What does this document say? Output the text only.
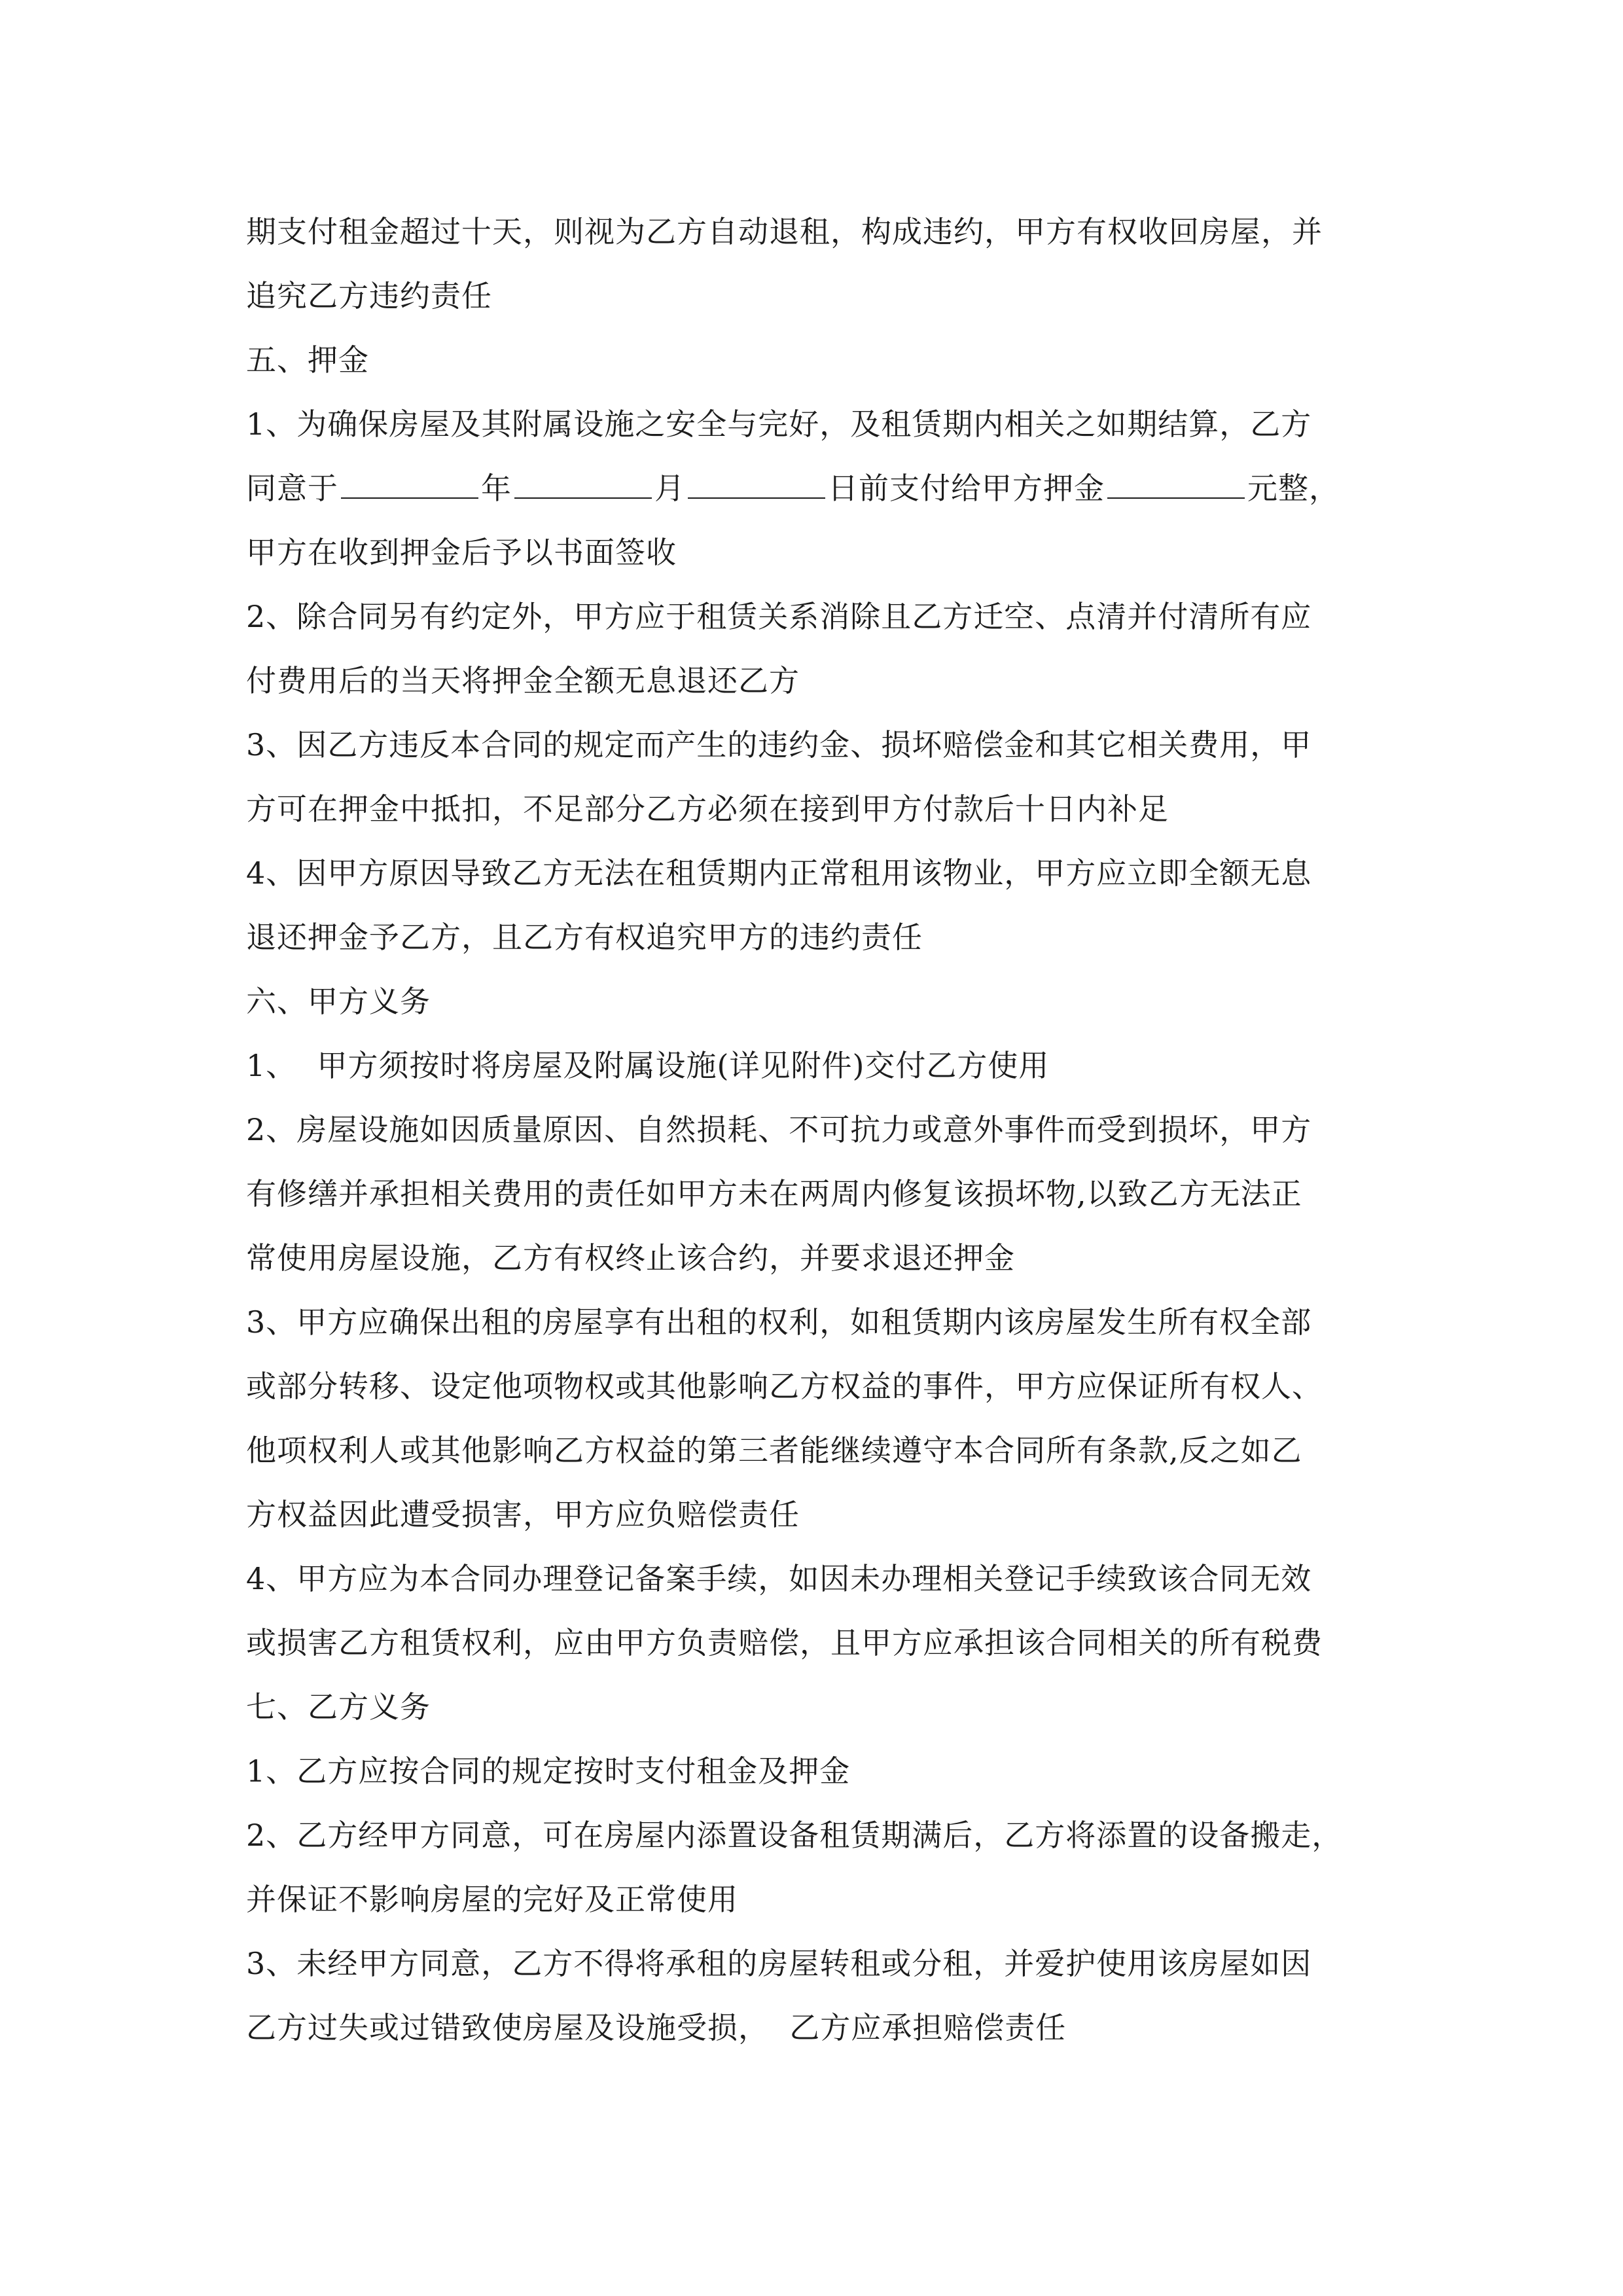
期支付租金超过十天，则视为乙方自动退租，构成违约，甲方有权收回房屋，并
追究乙方违约责任
五、押金
1、为确保房屋及其附属设施之安全与完好，及租赁期内相关之如期结算，乙方
同意于	年	月	日前支付给甲方押金	元整，
甲方在收到押金后予以书面签收
2、除合同另有约定外，甲方应于租赁关系消除且乙方迁空、点清并付清所有应
付费用后的当天将押金全额无息退还乙方
3、因乙方违反本合同的规定而产生的违约金、损坏赔偿金和其它相关费用，甲
方可在押金中抵扣，不足部分乙方必须在接到甲方付款后十日内补足
4、因甲方原因导致乙方无法在租赁期内正常租用该物业，甲方应立即全额无息
退还押金予乙方，且乙方有权追究甲方的违约责任
六、甲方义务
1、  甲方须按时将房屋及附属设施(详见附件)交付乙方使用
2、房屋设施如因质量原因、自然损耗、不可抗力或意外事件而受到损坏，甲方
有修缮并承担相关费用的责任如甲方未在两周内修复该损坏物,以致乙方无法正
常使用房屋设施，乙方有权终止该合约，并要求退还押金
3、甲方应确保出租的房屋享有出租的权利，如租赁期内该房屋发生所有权全部
或部分转移、设定他项物权或其他影响乙方权益的事件，甲方应保证所有权人、
他项权利人或其他影响乙方权益的第三者能继续遵守本合同所有条款,反之如乙
方权益因此遭受损害，甲方应负赔偿责任
4、甲方应为本合同办理登记备案手续，如因未办理相关登记手续致该合同无效
或损害乙方租赁权利，应由甲方负责赔偿，且甲方应承担该合同相关的所有税费
七、乙方义务
1、乙方应按合同的规定按时支付租金及押金
2、乙方经甲方同意，可在房屋内添置设备租赁期满后，乙方将添置的设备搬走，
并保证不影响房屋的完好及正常使用
3、未经甲方同意，乙方不得将承租的房屋转租或分租，并爱护使用该房屋如因
乙方过失或过错致使房屋及设施受损，  乙方应承担赔偿责任
